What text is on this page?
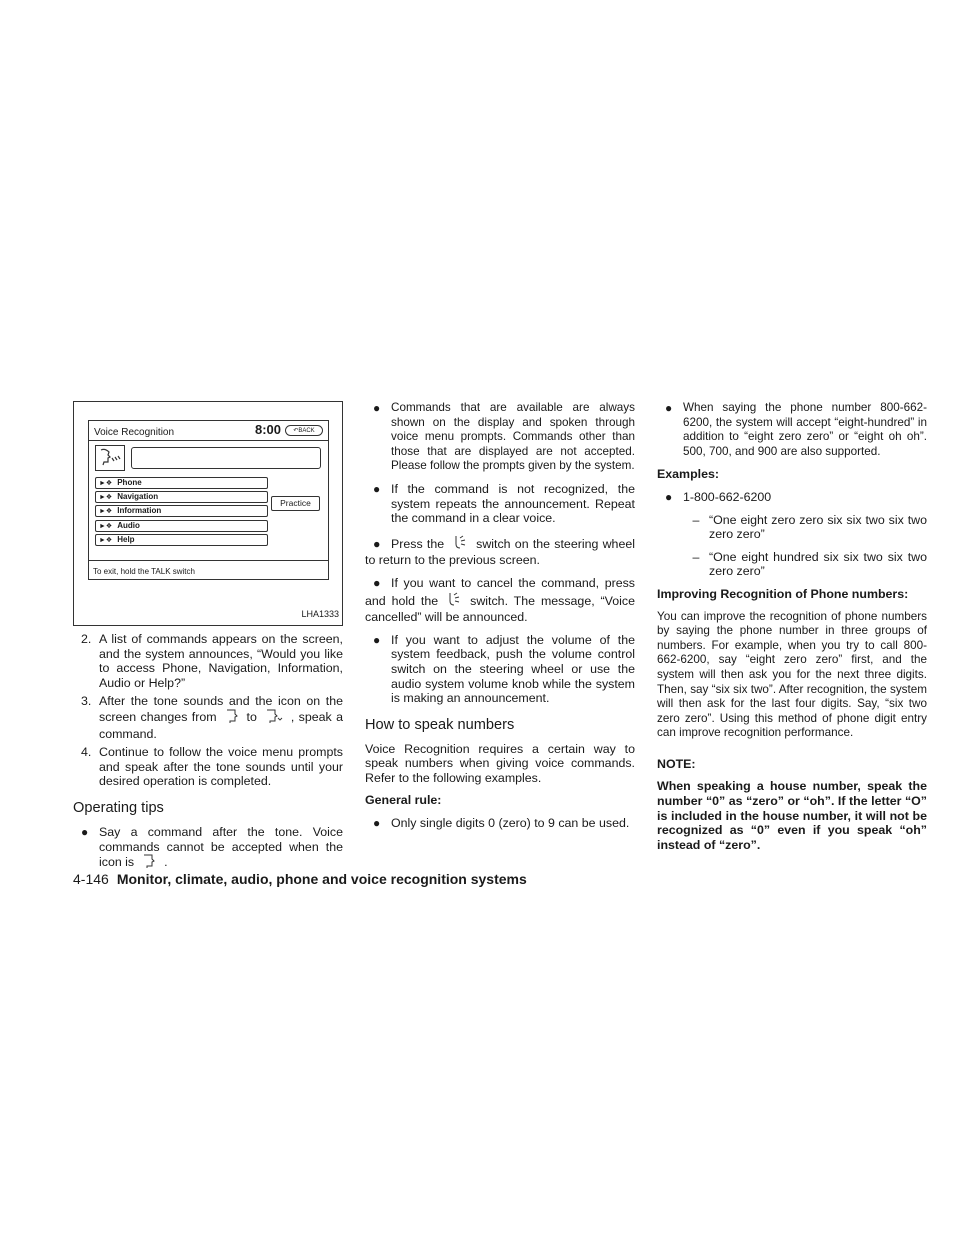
Voice Recognition	8:00	↶BACK
►❖ Phone
►❖ Navigation
►❖ Information
►❖ Audio
►❖ Help
Practice
To exit, hold the TALK switch
LHA1333
2. A list of commands appears on the screen, and the system announces, “Would you like to access Phone, Navigation, Information, Audio or Help?”
3. After the tone sounds and the icon on the screen changes from to	, speak a command.
4. Continue to follow the voice menu prompts and speak after the tone sounds until your desired operation is completed.
Operating tips
● Say a command after the tone. Voice commands cannot be accepted when the icon is .
● Commands that are available are always shown on the display and spoken through voice menu prompts. Commands other than those that are displayed are not accepted. Please follow the prompts given by the system.
● If the command is not recognized, the system repeats the announcement. Repeat the command in a clear voice.
● Press the	switch on the steering wheel to return to the previous screen.
● If you want to cancel the command, press and hold the	switch. The message, “Voice cancelled” will be announced.
● If you want to adjust the volume of the system feedback, push the volume control switch on the steering wheel or use the audio system volume knob while the system is making an announcement.
How to speak numbers

Voice Recognition requires a certain way to speak numbers when giving voice commands. Refer to the following examples.

General rule:

● Only single digits 0 (zero) to 9 can be used.
● When saying the phone number 800-662-6200, the system will accept “eight-hundred” in addition to “eight zero zero” or “eight oh oh”. 500, 700, and 900 are also supported.

Examples:

● 1-800-662-6200
– “One eight zero zero six six two six two zero zero”
– “One eight hundred six six two six two zero zero”

Improving Recognition of Phone numbers:

You can improve the recognition of phone numbers by saying the phone number in three groups of numbers. For example, when you try to call 800-662-6200, say “eight zero zero” first, and the system will then ask you for the next three digits. Then, say “six six two”. After recognition, the system will then ask for the last four digits. Say, “six two zero zero”. Using this method of phone digit entry can improve recognition performance.

NOTE:

When speaking a house number, speak the number “0” as “zero” or “oh”. If the letter “O” is included in the house number, it will not be recognized as “0” even if you speak “oh” instead of “zero”.

4-146 Monitor, climate, audio, phone and voice recognition systems
